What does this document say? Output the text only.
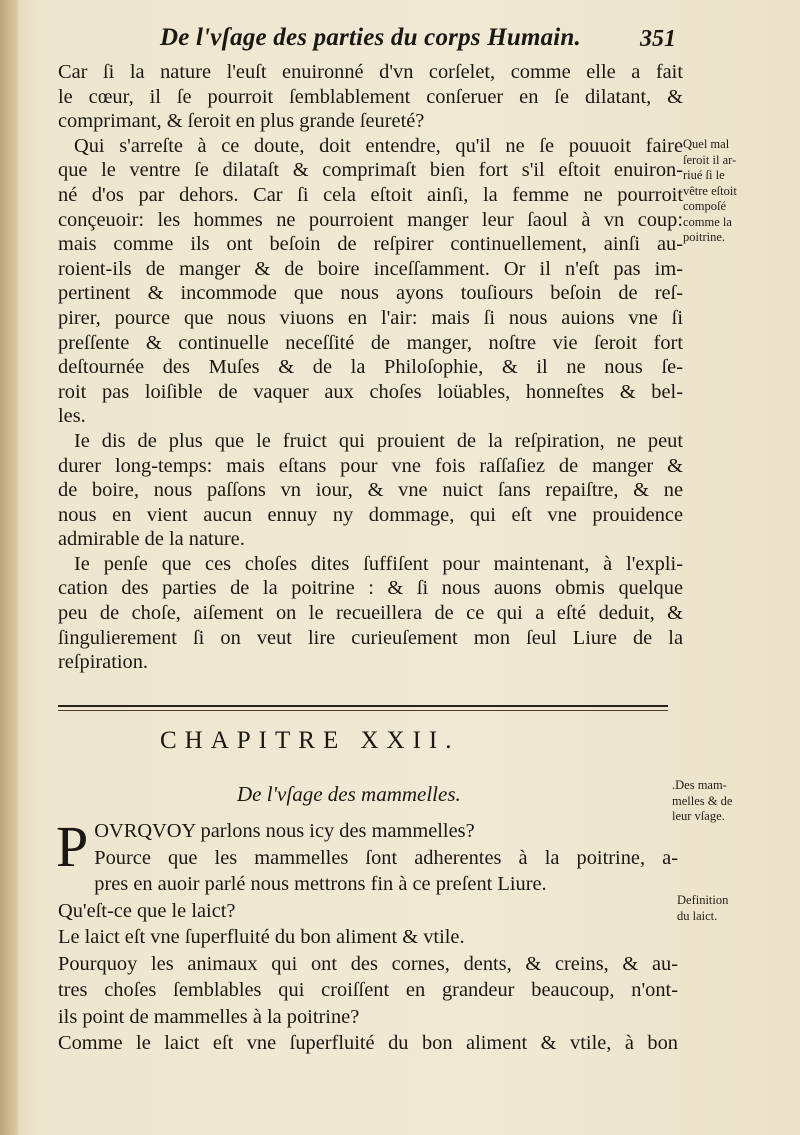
De l'vſage des parties du corps Humain.	351
Car ſi la nature l'euſt enuironné d'vn corſelet, comme elle a fait
le cœur, il ſe pourroit ſemblablement conſeruer en ſe dilatant, &
comprimant, & ſeroit en plus grande ſeureté?
Qui s'arreſte à ce doute, doit entendre, qu'il ne ſe pouuoit faire
que le ventre ſe dilataſt & comprimaſt bien fort s'il eſtoit enuiron-
né d'os par dehors. Car ſi cela eſtoit ainſi, la femme ne pourroit
conçeuoir: les hommes ne pourroient manger leur ſaoul à vn coup:
mais comme ils ont beſoin de reſpirer continuellement, ainſi au-
roient-ils de manger & de boire inceſſamment. Or il n'eſt pas im-
pertinent & incommode que nous ayons touſiours beſoin de reſ-
pirer, pource que nous viuons en l'air: mais ſi nous auions vne ſi
preſſente & continuelle neceſſité de manger, noſtre vie ſeroit fort
deſtournée des Muſes & de la Philoſophie, & il ne nous ſe-
roit pas loiſible de vaquer aux choſes loüables, honneſtes & bel-
les.
Ie dis de plus que le fruict qui prouient de la reſpiration, ne peut
durer long-temps: mais eſtans pour vne fois raſſaſiez de manger &
de boire, nous paſſons vn iour, & vne nuict ſans repaiſtre, & ne
nous en vient aucun ennuy ny dommage, qui eſt vne prouidence
admirable de la nature.
Ie penſe que ces choſes dites ſuffiſent pour maintenant, à l'expli-
cation des parties de la poitrine : & ſi nous auons obmis quelque
peu de choſe, aiſement on le recueillera de ce qui a eſté deduit, &
ſingulierement ſi on veut lire curieuſement mon ſeul Liure de la
reſpiration.
CHAPITRE XXII.
De l'vſage des mammelles.
P OVRQVOY parlons nous icy des mammelles?
Pource que les mammelles ſont adherentes à la poitrine, a-
pres en auoir parlé nous mettrons fin à ce preſent Liure.
Qu'eſt-ce que le laict?
Le laict eſt vne ſuperfluité du bon aliment & vtile.
Pourquoy les animaux qui ont des cornes, dents, & creins, & au-
tres choſes ſemblables qui croiſſent en grandeur beaucoup, n'ont-
ils point de mammelles à la poitrine?
Comme le laict eſt vne ſuperfluité du bon aliment & vtile, à bon
Quel mal
ſeroit il ar-
riué ſi le
vêtre eſtoit
compoſé
comme la
poitrine.
.Des mam-
melles & de
leur vſage.
Definition
du laict.
